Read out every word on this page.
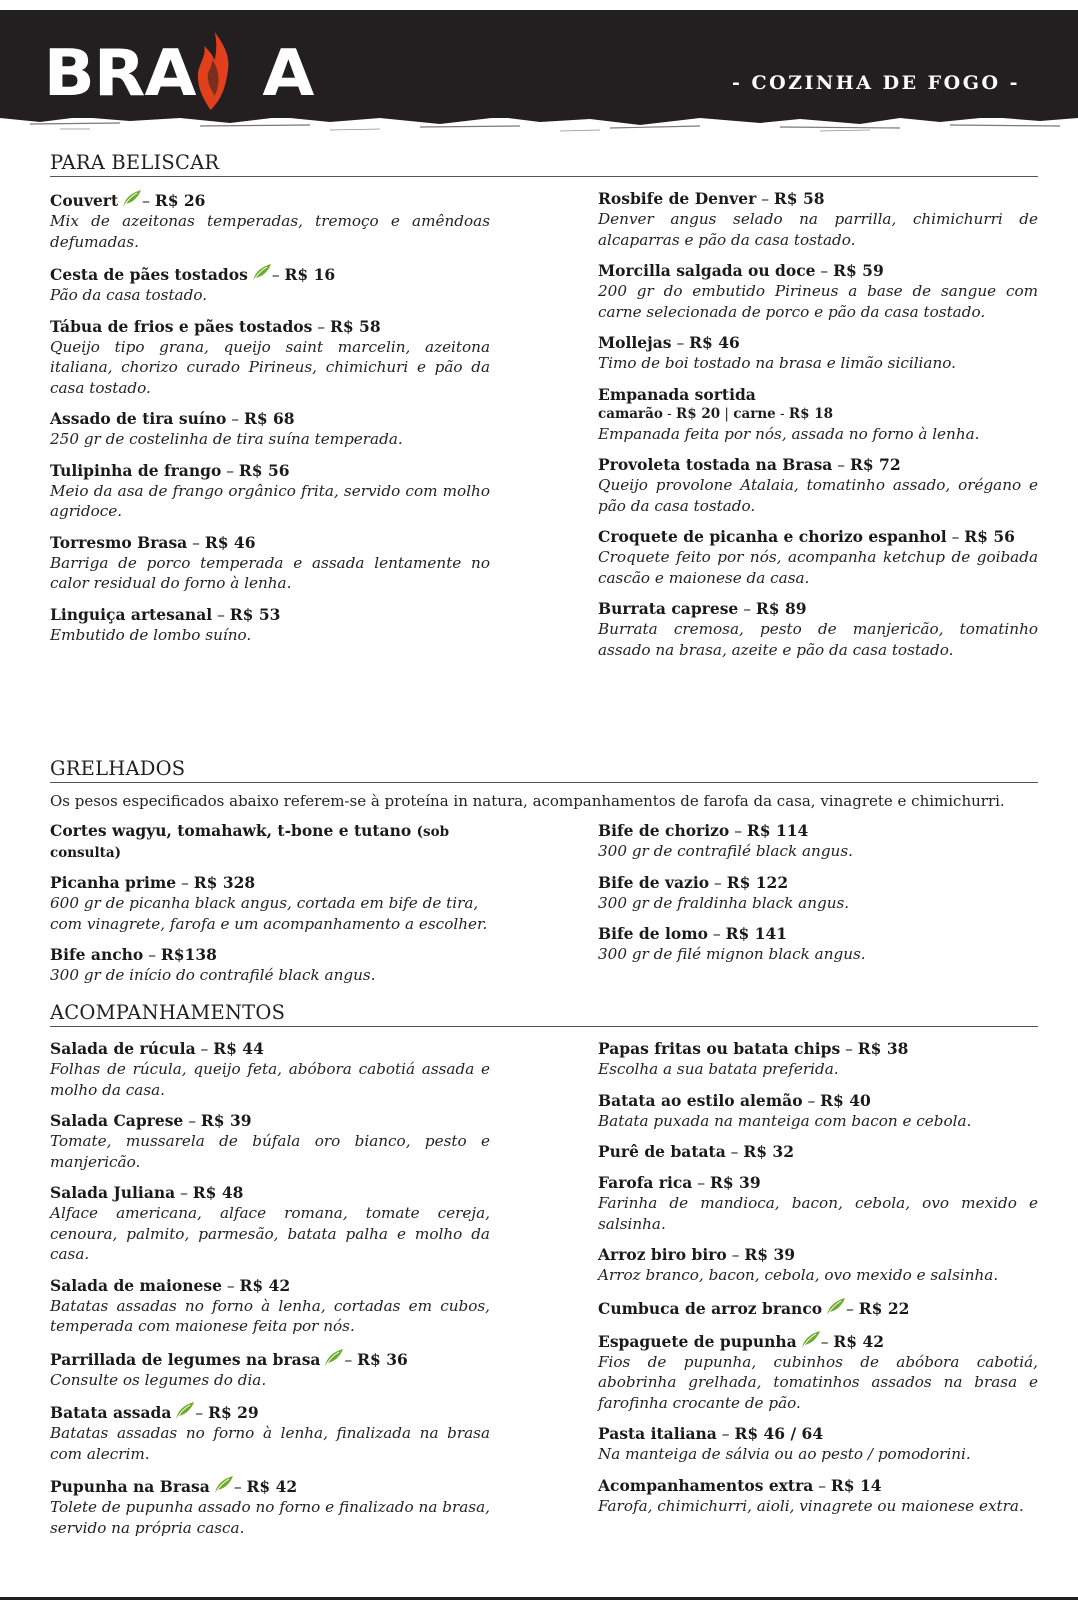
BRA A	- COZINHA DE FOGO -
PARA BELISCAR
Couvert – R$ 26
Mix de azeitonas temperadas, tremoço e amêndoas defumadas.
Cesta de pães tostados – R$ 16
Pão da casa tostado.
Tábua de frios e pães tostados – R$ 58
Queijo tipo grana, queijo saint marcelin, azeitona italiana, chorizo curado Pirineus, chimichuri e pão da casa tostado.
Assado de tira suíno – R$ 68
250 gr de costelinha de tira suína temperada.
Tulipinha de frango – R$ 56
Meio da asa de frango orgânico frita, servido com molho agridoce.
Torresmo Brasa – R$ 46
Barriga de porco temperada e assada lentamente no calor residual do forno à lenha.
Linguiça artesanal – R$ 53
Embutido de lombo suíno.
Rosbife de Denver – R$ 58
Denver angus selado na parrilla, chimichurri de alcaparras e pão da casa tostado.
Morcilla salgada ou doce – R$ 59
200 gr do embutido Pirineus a base de sangue com carne selecionada de porco e pão da casa tostado.
Mollejas – R$ 46
Timo de boi tostado na brasa e limão siciliano.
Empanada sortida
camarão - R$ 20 | carne - R$ 18
Empanada feita por nós, assada no forno à lenha.
Provoleta tostada na Brasa – R$ 72
Queijo provolone Atalaia, tomatinho assado, orégano e pão da casa tostado.
Croquete de picanha e chorizo espanhol – R$ 56
Croquete feito por nós, acompanha ketchup de goibada cascão e maionese da casa.
Burrata caprese – R$ 89
Burrata cremosa, pesto de manjericão, tomatinho assado na brasa, azeite e pão da casa tostado.
GRELHADOS
Os pesos especificados abaixo referem-se à proteína in natura, acompanhamentos de farofa da casa, vinagrete e chimichurri.
Cortes wagyu, tomahawk, t-bone e tutano (sob consulta)
Picanha prime – R$ 328
600 gr de picanha black angus, cortada em bife de tira, com vinagrete, farofa e um acompanhamento a escolher.
Bife ancho – R$138
300 gr de início do contrafilé black angus.
Bife de chorizo – R$ 114
300 gr de contrafilé black angus.
Bife de vazio – R$ 122
300 gr de fraldinha black angus.
Bife de lomo – R$ 141
300 gr de filé mignon black angus.
ACOMPANHAMENTOS
Salada de rúcula – R$ 44
Folhas de rúcula, queijo feta, abóbora cabotiá assada e molho da casa.
Salada Caprese – R$ 39
Tomate, mussarela de búfala oro bianco, pesto e manjericão.
Salada Juliana – R$ 48
Alface americana, alface romana, tomate cereja, cenoura, palmito, parmesão, batata palha e molho da casa.
Salada de maionese – R$ 42
Batatas assadas no forno à lenha, cortadas em cubos, temperada com maionese feita por nós.
Parrillada de legumes na brasa – R$ 36
Consulte os legumes do dia.
Batata assada – R$ 29
Batatas assadas no forno à lenha, finalizada na brasa com alecrim.
Pupunha na Brasa – R$ 42
Tolete de pupunha assado no forno e finalizado na brasa, servido na própria casca.
Papas fritas ou batata chips – R$ 38
Escolha a sua batata preferida.
Batata ao estilo alemão – R$ 40
Batata puxada na manteiga com bacon e cebola.
Purê de batata – R$ 32
Farofa rica – R$ 39
Farinha de mandioca, bacon, cebola, ovo mexido e salsinha.
Arroz biro biro – R$ 39
Arroz branco, bacon, cebola, ovo mexido e salsinha.
Cumbuca de arroz branco – R$ 22
Espaguete de pupunha – R$ 42
Fios de pupunha, cubinhos de abóbora cabotiá, abobrinha grelhada, tomatinhos assados na brasa e farofinha crocante de pão.
Pasta italiana – R$ 46 / 64
Na manteiga de sálvia ou ao pesto / pomodorini.
Acompanhamentos extra – R$ 14
Farofa, chimichurri, aioli, vinagrete ou maionese extra.
